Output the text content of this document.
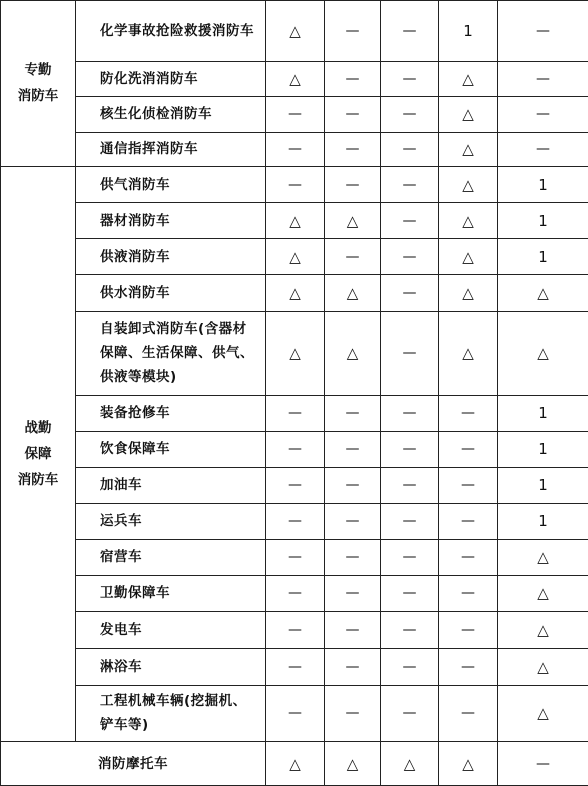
专勤
消防车	化学事故抢险救援消防车	△	—	—	1	—
	防化洗消消防车	△	—	—	△	—
	核生化侦检消防车	—	—	—	△	—
	通信指挥消防车	—	—	—	△	—
战勤
保障
消防车	供气消防车	—	—	—	△	1
	器材消防车	△	△	—	△	1
	供液消防车	△	—	—	△	1
	供水消防车	△	△	—	△	△
	自装卸式消防车(含器材保障、生活保障、供气、供液等模块)	△	△	—	△	△
	装备抢修车	—	—	—	—	1
	饮食保障车	—	—	—	—	1
	加油车	—	—	—	—	1
	运兵车	—	—	—	—	1
	宿营车	—	—	—	—	△
	卫勤保障车	—	—	—	—	△
	发电车	—	—	—	—	△
	淋浴车	—	—	—	—	△
	工程机械车辆(挖掘机、铲车等)	—	—	—	—	△
消防摩托车		△	△	△	△	—
